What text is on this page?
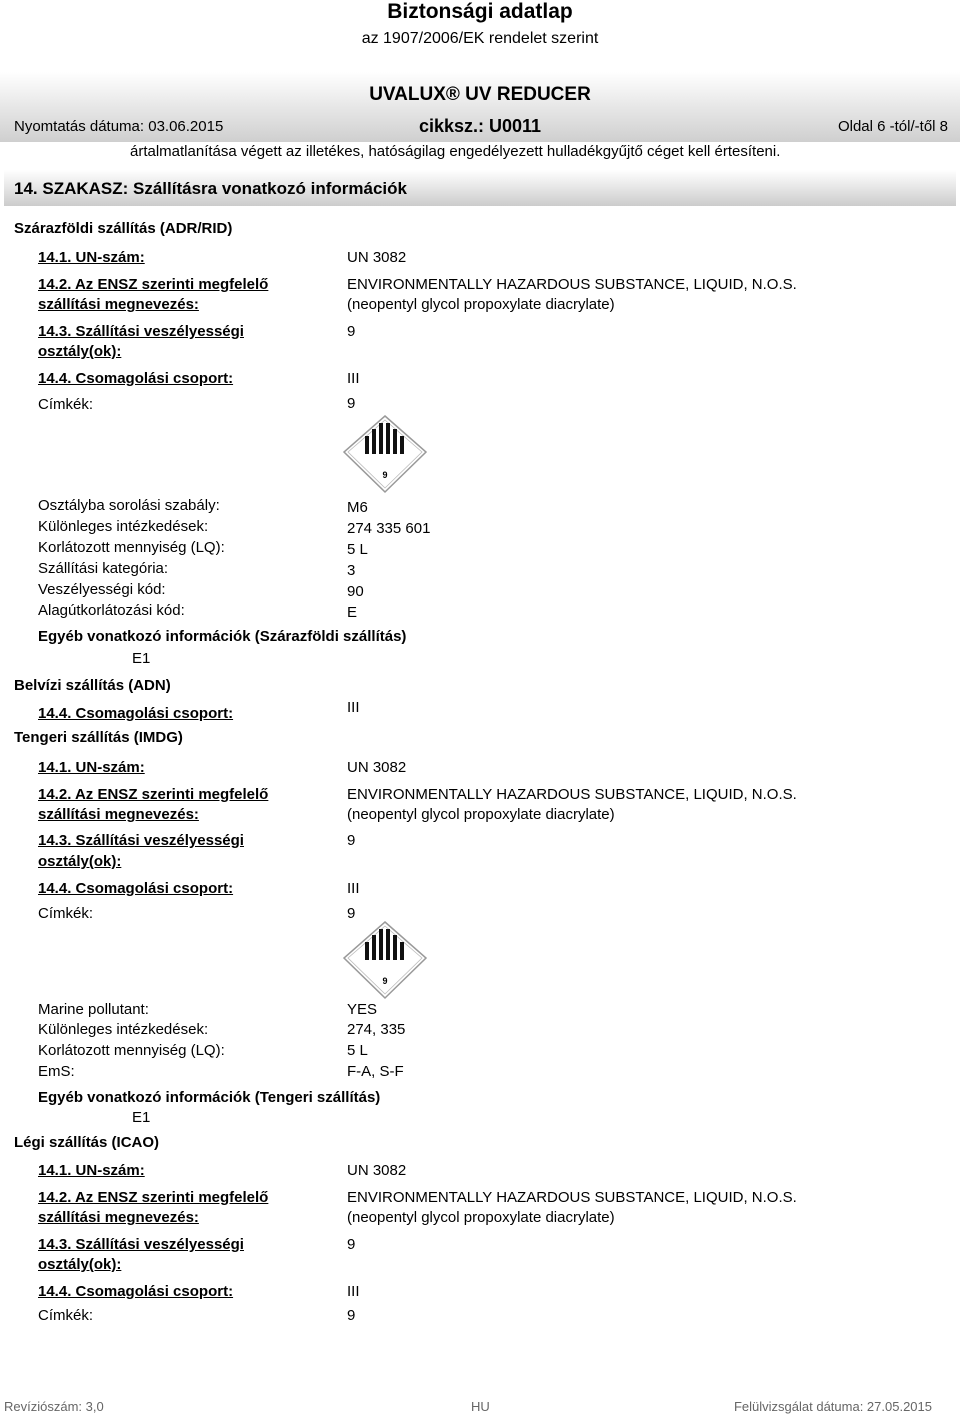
Biztonsági adatlap
az 1907/2006/EK rendelet szerint
UVALUX® UV REDUCER
Nyomtatás dátuma: 03.06.2015	cikksz.: U0011	Oldal 6 -tól/-től 8
ártalmatlanítása végett az illetékes, hatóságilag engedélyezett hulladékgyűjtő céget kell értesíteni.
14. SZAKASZ: Szállításra vonatkozó információk
Szárazföldi szállítás (ADR/RID)
14.1. UN-szám:	UN 3082
14.2. Az ENSZ szerinti megfelelő
szállítási megnevezés:
ENVIRONMENTALLY HAZARDOUS SUBSTANCE, LIQUID, N.O.S.
(neopentyl glycol propoxylate diacrylate)
14.3. Szállítási veszélyességi
osztály(ok):
9
14.4. Csomagolási csoport:	III
Címkék:	9
9
Osztályba sorolási szabály:	M6
Különleges intézkedések:	274 335 601
Korlátozott mennyiség (LQ):	5 L
Szállítási kategória:	3
Veszélyességi kód:	90
Alagútkorlátozási kód:	E
Egyéb vonatkozó információk (Szárazföldi szállítás)
E1
Belvízi szállítás (ADN)
14.4. Csomagolási csoport:	III
Tengeri szállítás (IMDG)
14.1. UN-szám:	UN 3082
14.2. Az ENSZ szerinti megfelelő
szállítási megnevezés:
ENVIRONMENTALLY HAZARDOUS SUBSTANCE, LIQUID, N.O.S.
(neopentyl glycol propoxylate diacrylate)
14.3. Szállítási veszélyességi
osztály(ok):
9
14.4. Csomagolási csoport:	III
Címkék:	9
9
Marine pollutant:	YES
Különleges intézkedések:	274, 335
Korlátozott mennyiség (LQ):	5 L
EmS:	F-A, S-F
Egyéb vonatkozó információk (Tengeri szállítás)
E1
Légi szállítás (ICAO)
14.1. UN-szám:	UN 3082
14.2. Az ENSZ szerinti megfelelő
szállítási megnevezés:
ENVIRONMENTALLY HAZARDOUS SUBSTANCE, LIQUID, N.O.S.
(neopentyl glycol propoxylate diacrylate)
14.3. Szállítási veszélyességi
osztály(ok):
9
14.4. Csomagolási csoport:	III
Címkék:	9
Revíziószám: 3,0	HU	Felülvizsgálat dátuma: 27.05.2015
